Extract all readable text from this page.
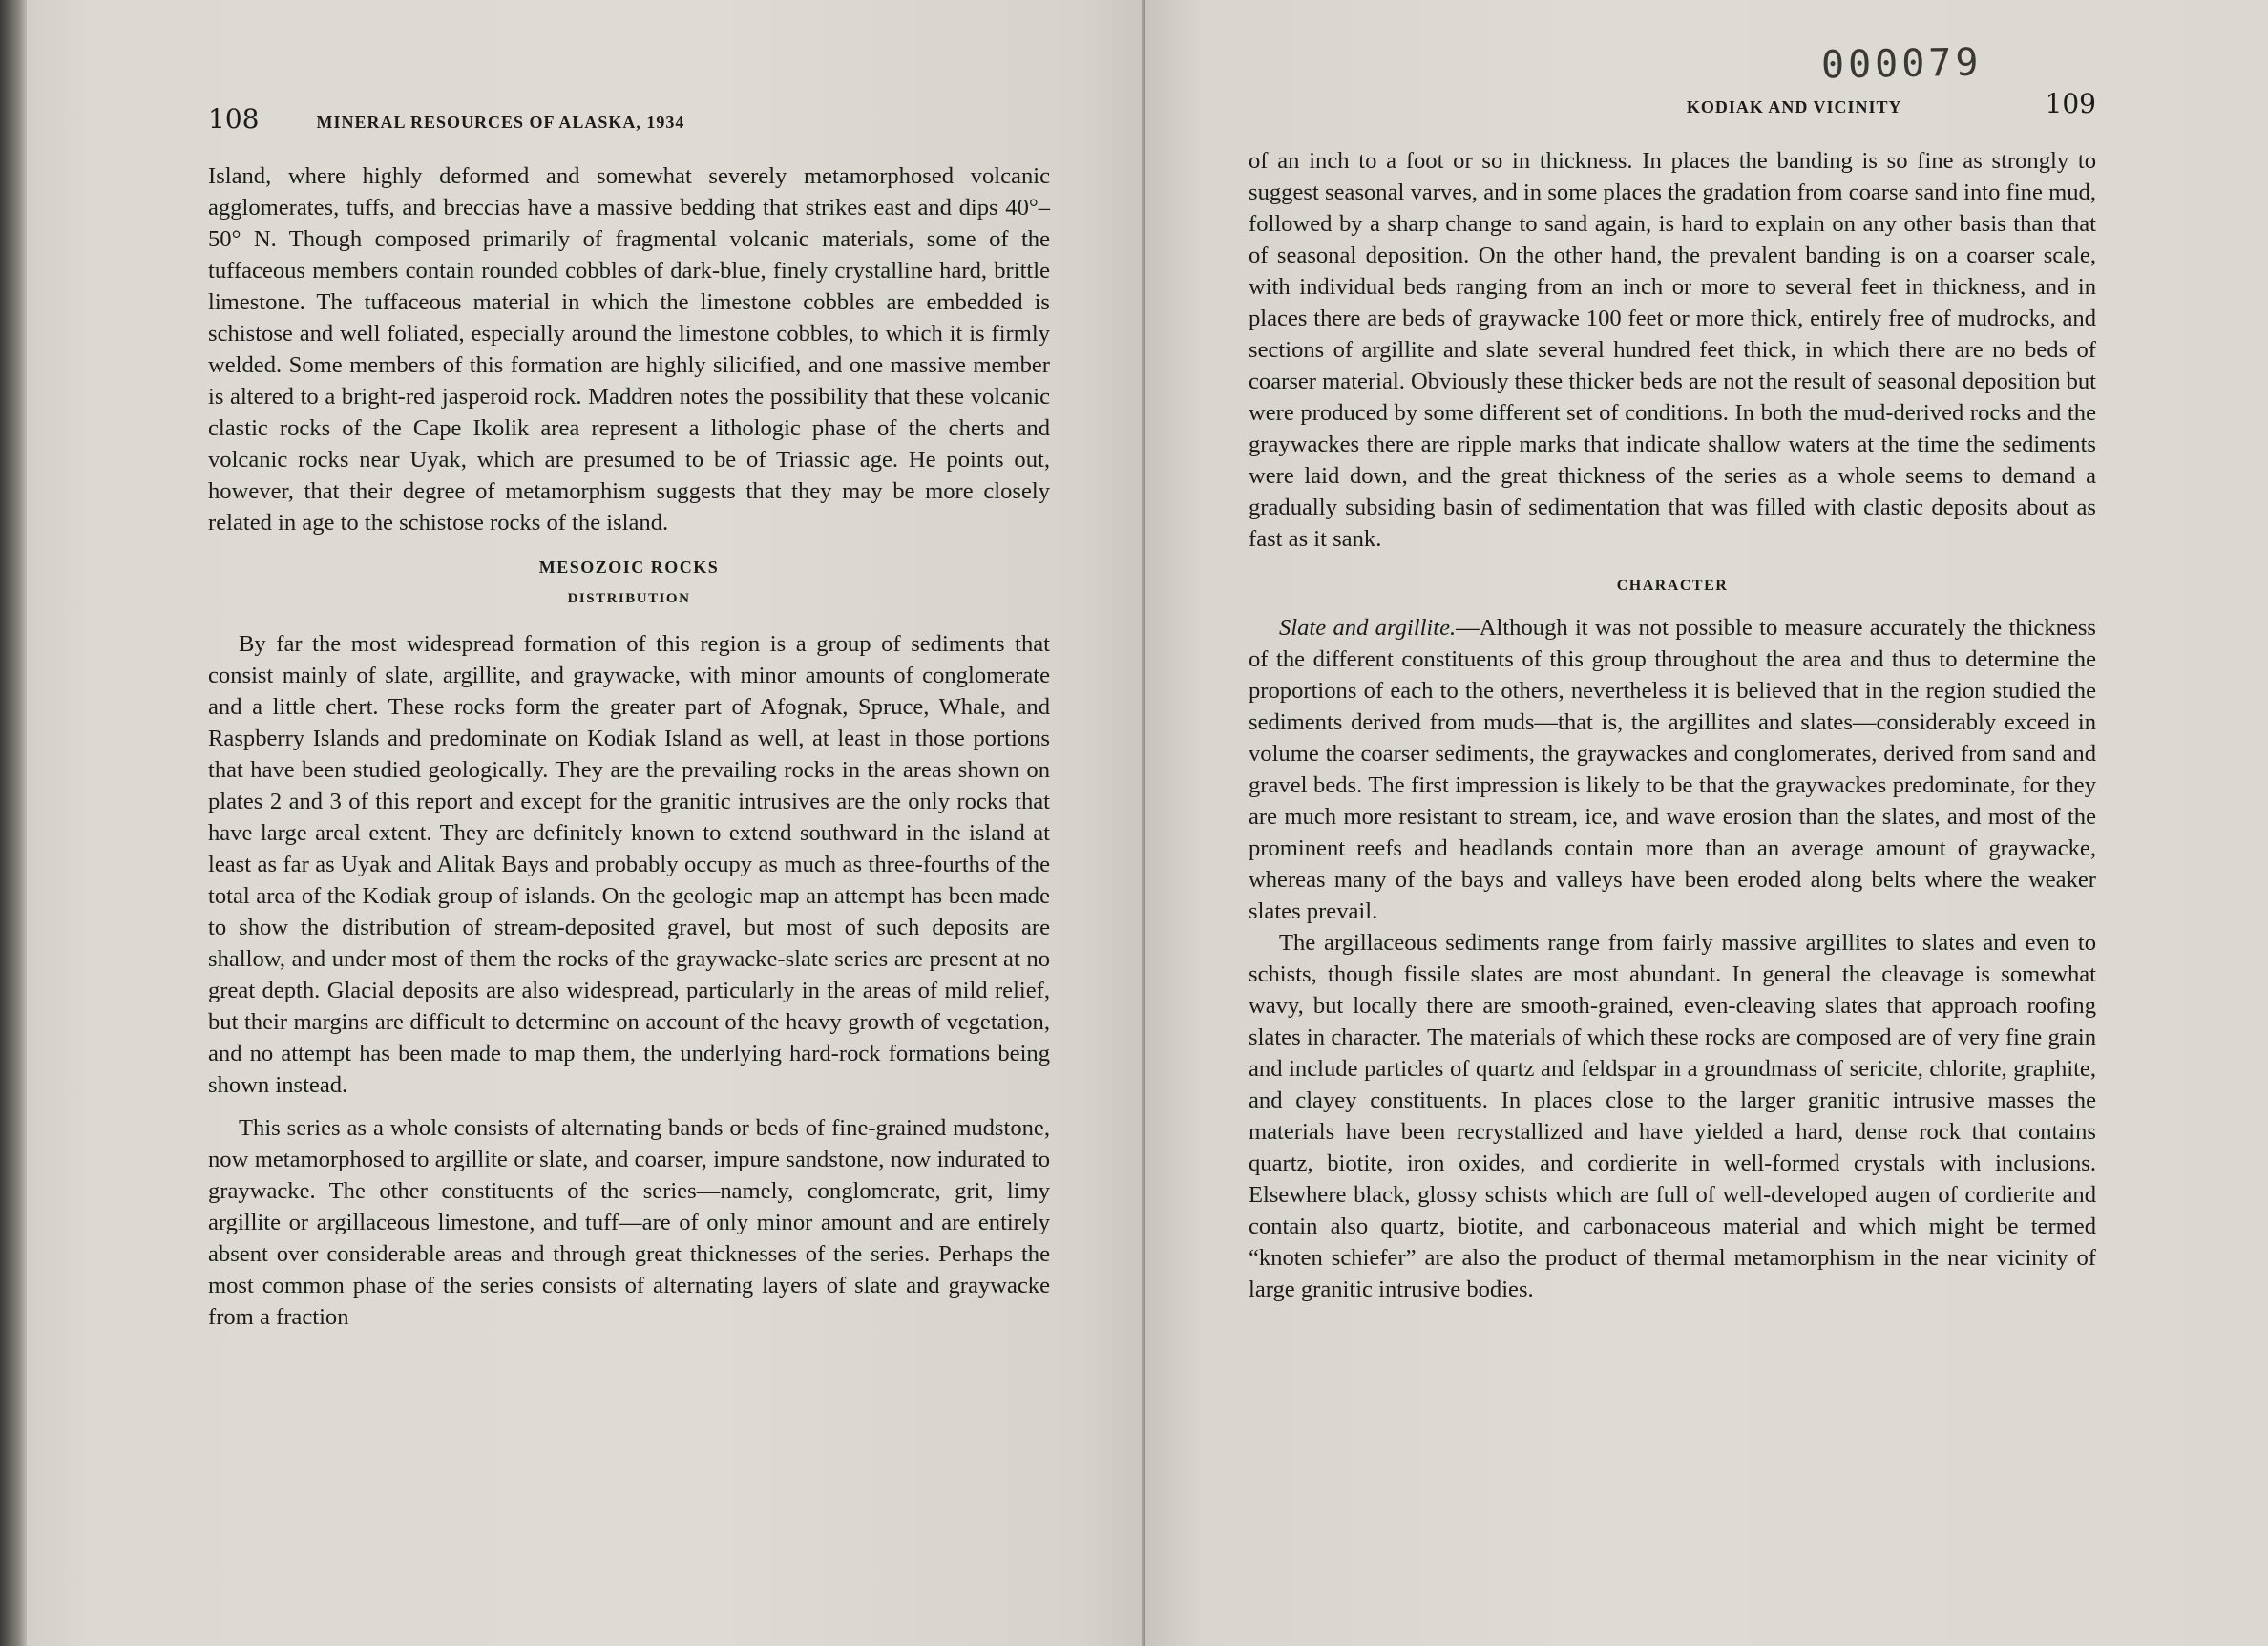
108	MINERAL RESOURCES OF ALASKA, 1934

Island, where highly deformed and somewhat severely metamorphosed volcanic agglomerates, tuffs, and breccias have a massive bedding that strikes east and dips 40°–50° N. Though composed primarily of fragmental volcanic materials, some of the tuffaceous members contain rounded cobbles of dark-blue, finely crystalline hard, brittle limestone. The tuffaceous material in which the limestone cobbles are embedded is schistose and well foliated, especially around the limestone cobbles, to which it is firmly welded. Some members of this formation are highly silicified, and one massive member is altered to a bright-red jasperoid rock. Maddren notes the possibility that these volcanic clastic rocks of the Cape Ikolik area represent a lithologic phase of the cherts and volcanic rocks near Uyak, which are presumed to be of Triassic age. He points out, however, that their degree of metamorphism suggests that they may be more closely related in age to the schistose rocks of the island.

MESOZOIC ROCKS
DISTRIBUTION

By far the most widespread formation of this region is a group of sediments that consist mainly of slate, argillite, and graywacke, with minor amounts of conglomerate and a little chert. These rocks form the greater part of Afognak, Spruce, Whale, and Raspberry Islands and predominate on Kodiak Island as well, at least in those portions that have been studied geologically. They are the prevailing rocks in the areas shown on plates 2 and 3 of this report and except for the granitic intrusives are the only rocks that have large areal extent. They are definitely known to extend southward in the island at least as far as Uyak and Alitak Bays and probably occupy as much as three-fourths of the total area of the Kodiak group of islands. On the geologic map an attempt has been made to show the distribution of stream-deposited gravel, but most of such deposits are shallow, and under most of them the rocks of the graywacke-slate series are present at no great depth. Glacial deposits are also widespread, particularly in the areas of mild relief, but their margins are difficult to determine on account of the heavy growth of vegetation, and no attempt has been made to map them, the underlying hard-rock formations being shown instead.

This series as a whole consists of alternating bands or beds of fine-grained mudstone, now metamorphosed to argillite or slate, and coarser, impure sandstone, now indurated to graywacke. The other constituents of the series—namely, conglomerate, grit, limy argillite or argillaceous limestone, and tuff—are of only minor amount and are entirely absent over considerable areas and through great thicknesses of the series. Perhaps the most common phase of the series consists of alternating layers of slate and graywacke from a fraction

000079
KODIAK AND VICINITY	109

of an inch to a foot or so in thickness. In places the banding is so fine as strongly to suggest seasonal varves, and in some places the gradation from coarse sand into fine mud, followed by a sharp change to sand again, is hard to explain on any other basis than that of seasonal deposition. On the other hand, the prevalent banding is on a coarser scale, with individual beds ranging from an inch or more to several feet in thickness, and in places there are beds of graywacke 100 feet or more thick, entirely free of mudrocks, and sections of argillite and slate several hundred feet thick, in which there are no beds of coarser material. Obviously these thicker beds are not the result of seasonal deposition but were produced by some different set of conditions. In both the mud-derived rocks and the graywackes there are ripple marks that indicate shallow waters at the time the sediments were laid down, and the great thickness of the series as a whole seems to demand a gradually subsiding basin of sedimentation that was filled with clastic deposits about as fast as it sank.

CHARACTER

Slate and argillite.—Although it was not possible to measure accurately the thickness of the different constituents of this group throughout the area and thus to determine the proportions of each to the others, nevertheless it is believed that in the region studied the sediments derived from muds—that is, the argillites and slates—considerably exceed in volume the coarser sediments, the graywackes and conglomerates, derived from sand and gravel beds. The first impression is likely to be that the graywackes predominate, for they are much more resistant to stream, ice, and wave erosion than the slates, and most of the prominent reefs and headlands contain more than an average amount of graywacke, whereas many of the bays and valleys have been eroded along belts where the weaker slates prevail.

The argillaceous sediments range from fairly massive argillites to slates and even to schists, though fissile slates are most abundant. In general the cleavage is somewhat wavy, but locally there are smooth-grained, even-cleaving slates that approach roofing slates in character. The materials of which these rocks are composed are of very fine grain and include particles of quartz and feldspar in a groundmass of sericite, chlorite, graphite, and clayey constituents. In places close to the larger granitic intrusive masses the materials have been recrystallized and have yielded a hard, dense rock that contains quartz, biotite, iron oxides, and cordierite in well-formed crystals with inclusions. Elsewhere black, glossy schists which are full of well-developed augen of cordierite and contain also quartz, biotite, and carbonaceous material and which might be termed “knoten schiefer” are also the product of thermal metamorphism in the near vicinity of large granitic intrusive bodies.
